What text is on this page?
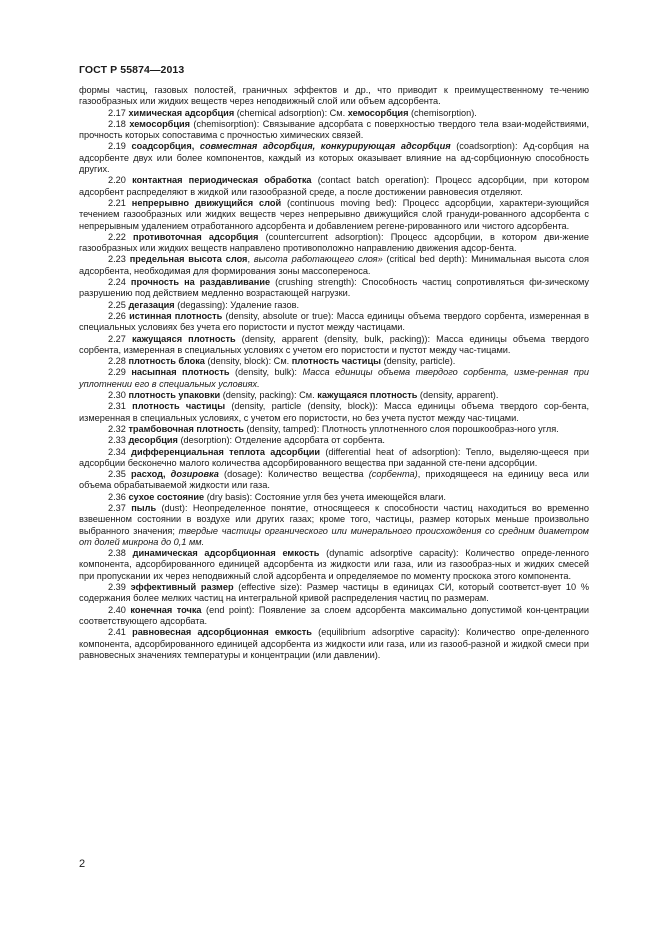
ГОСТ Р 55874—2013

формы частиц, газовых полостей, граничных эффектов и др., что приводит к преимущественному те-чению газообразных или жидких веществ через неподвижный слой или объем адсорбента.

2.17 химическая адсорбция (chemical adsorption): См. хемосорбция (chemisorption).

2.18 хемосорбция (chemisorption): Связывание адсорбата с поверхностью твердого тела взаи-модействиями, прочность которых сопоставима с прочностью химических связей.

2.19 соадсорбция, совместная адсорбция, конкурирующая адсорбция (coadsorption): Ад-сорбция на адсорбенте двух или более компонентов, каждый из которых оказывает влияние на ад-сорбционную способность других.

2.20 контактная периодическая обработка (contact batch operation): Процесс адсорбции, при котором адсорбент распределяют в жидкой или газообразной среде, а после достижении равновесия отделяют.

2.21 непрерывно движущийся слой (continuous moving bed): Процесс адсорбции, характери-зующийся течением газообразных или жидких веществ через непрерывно движущийся слой грануди-рованного адсорбента с непрерывным удалением отработанного адсорбента и добавлением регене-рированного или чистого адсорбента.

2.22 противоточная адсорбция (countercurrent adsorption): Процесс адсорбции, в котором дви-жение газообразных или жидких веществ направлено противоположно направлению движения адсор-бента.

2.23 предельная высота слоя, высота работающего слоя» (critical bed depth): Минимальная высота слоя адсорбента, необходимая для формирования зоны массопереноса.

2.24 прочность на раздавливание (crushing strength): Способность частиц сопротивляться фи-зическому разрушению под действием медленно возрастающей нагрузки.

2.25 дегазация (degassing): Удаление газов.

2.26 истинная плотность (density, absolute or true): Масса единицы объема твердого сорбента, измеренная в специальных условиях без учета его пористости и пустот между частицами.

2.27 кажущаяся плотность (density, apparent (density, bulk, packing)): Масса единицы объема твердого сорбента, измеренная в специальных условиях с учетом его пористости и пустот между час-тицами.

2.28 плотность блока (density, block): См. плотность частицы (density, particle).

2.29 насыпная плотность (density, bulk): Масса единицы объема твердого сорбента, изме-ренная при уплотнении его в специальных условиях.

2.30 плотность упаковки (density, packing): См. кажущаяся плотность (density, apparent).

2.31 плотность частицы (density, particle (density, block)): Масса единицы объема твердого сор-бента, измеренная в специальных условиях, с учетом его пористости, но без учета пустот между час-тицами.

2.32 трамбовочная плотность (density, tamped): Плотность уплотненного слоя порошкообраз-ного угля.

2.33 десорбция (desorption): Отделение адсорбата от сорбента.

2.34 дифференциальная теплота адсорбции (differential heat of adsorption): Тепло, выделяю-щееся при адсорбции бесконечно малого количества адсорбированного вещества при заданной сте-пени адсорбции.

2.35 расход, дозировка (dosage): Количество вещества (сорбента), приходящееся на единицу веса или объема обрабатываемой жидкости или газа.

2.36 сухое состояние (dry basis): Состояние угля без учета имеющейся влаги.

2.37 пыль (dust): Неопределенное понятие, относящееся к способности частиц находиться во временно взвешенном состоянии в воздухе или других газах; кроме того, частицы, размер которых меньше произвольно выбранного значения; твердые частицы органического или минерального происхождения со средним диаметром от долей микрона до 0,1 мм.

2.38 динамическая адсорбционная емкость (dynamic adsorptive capacity): Количество опреде-ленного компонента, адсорбированного единицей адсорбента из жидкости или газа, или из газообраз-ных и жидких смесей при пропускании их через неподвижный слой адсорбента и определяемое по моменту проскока этого компонента.

2.39 эффективный размер (effective size): Размер частицы в единицах СИ, который соответст-вует 10 % содержания более мелких частиц на интегральной кривой распределения частиц по размерам.

2.40 конечная точка (end point): Появление за слоем адсорбента максимально допустимой кон-центрации соответствующего адсорбата.

2.41 равновесная адсорбционная емкость (equilibrium adsorptive capacity): Количество опре-деленного компонента, адсорбированного единицей адсорбента из жидкости или газа, или из газооб-разной и жидкой смеси при равновесных значениях температуры и концентрации (или давлении).

2
